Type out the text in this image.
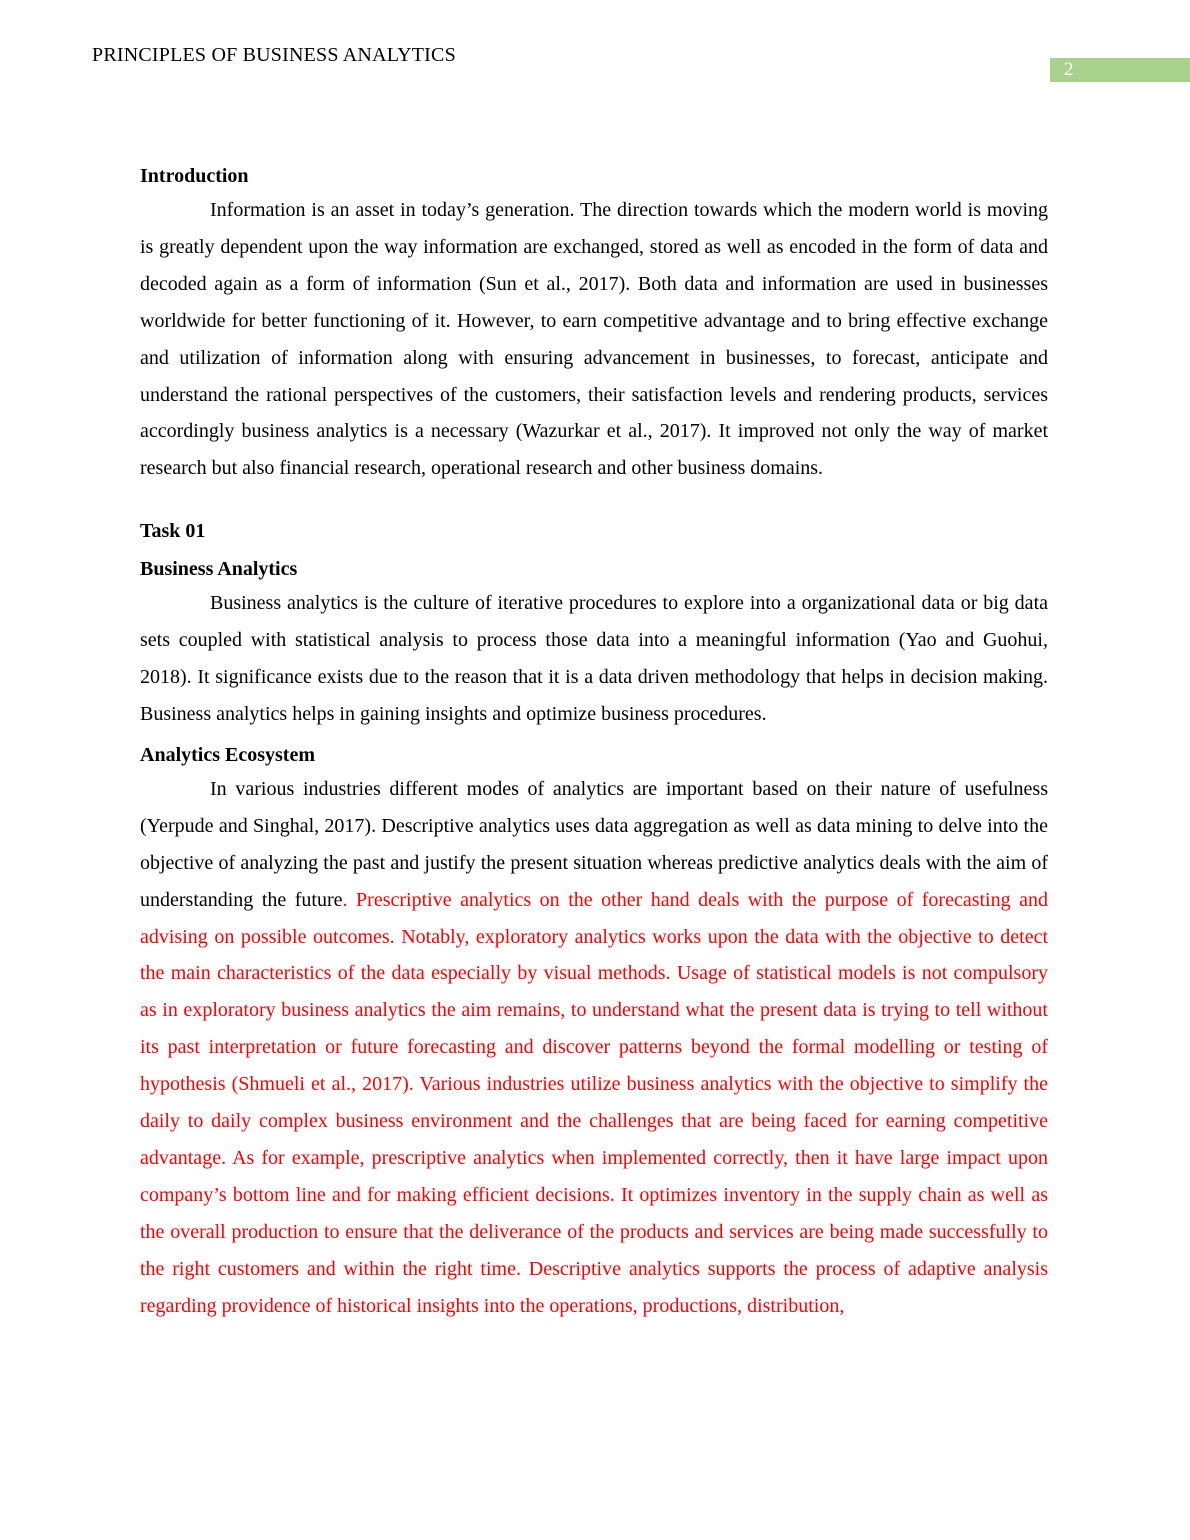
PRINCIPLES OF BUSINESS ANALYTICS
2
Introduction

Information is an asset in today’s generation. The direction towards which the modern world is moving is greatly dependent upon the way information are exchanged, stored as well as encoded in the form of data and decoded again as a form of information (Sun et al., 2017). Both data and information are used in businesses worldwide for better functioning of it. However, to earn competitive advantage and to bring effective exchange and utilization of information along with ensuring advancement in businesses, to forecast, anticipate and understand the rational perspectives of the customers, their satisfaction levels and rendering products, services accordingly business analytics is a necessary (Wazurkar et al., 2017). It improved not only the way of market research but also financial research, operational research and other business domains.

Task 01
Business Analytics

Business analytics is the culture of iterative procedures to explore into a organizational data or big data sets coupled with statistical analysis to process those data into a meaningful information (Yao and Guohui, 2018). It significance exists due to the reason that it is a data driven methodology that helps in decision making. Business analytics helps in gaining insights and optimize business procedures.

Analytics Ecosystem

In various industries different modes of analytics are important based on their nature of usefulness (Yerpude and Singhal, 2017). Descriptive analytics uses data aggregation as well as data mining to delve into the objective of analyzing the past and justify the present situation whereas predictive analytics deals with the aim of understanding the future. Prescriptive analytics on the other hand deals with the purpose of forecasting and advising on possible outcomes. Notably, exploratory analytics works upon the data with the objective to detect the main characteristics of the data especially by visual methods. Usage of statistical models is not compulsory as in exploratory business analytics the aim remains, to understand what the present data is trying to tell without its past interpretation or future forecasting and discover patterns beyond the formal modelling or testing of hypothesis (Shmueli et al., 2017). Various industries utilize business analytics with the objective to simplify the daily to daily complex business environment and the challenges that are being faced for earning competitive advantage. As for example, prescriptive analytics when implemented correctly, then it have large impact upon company’s bottom line and for making efficient decisions. It optimizes inventory in the supply chain as well as the overall production to ensure that the deliverance of the products and services are being made successfully to the right customers and within the right time. Descriptive analytics supports the process of adaptive analysis regarding providence of historical insights into the operations, productions, distribution,
